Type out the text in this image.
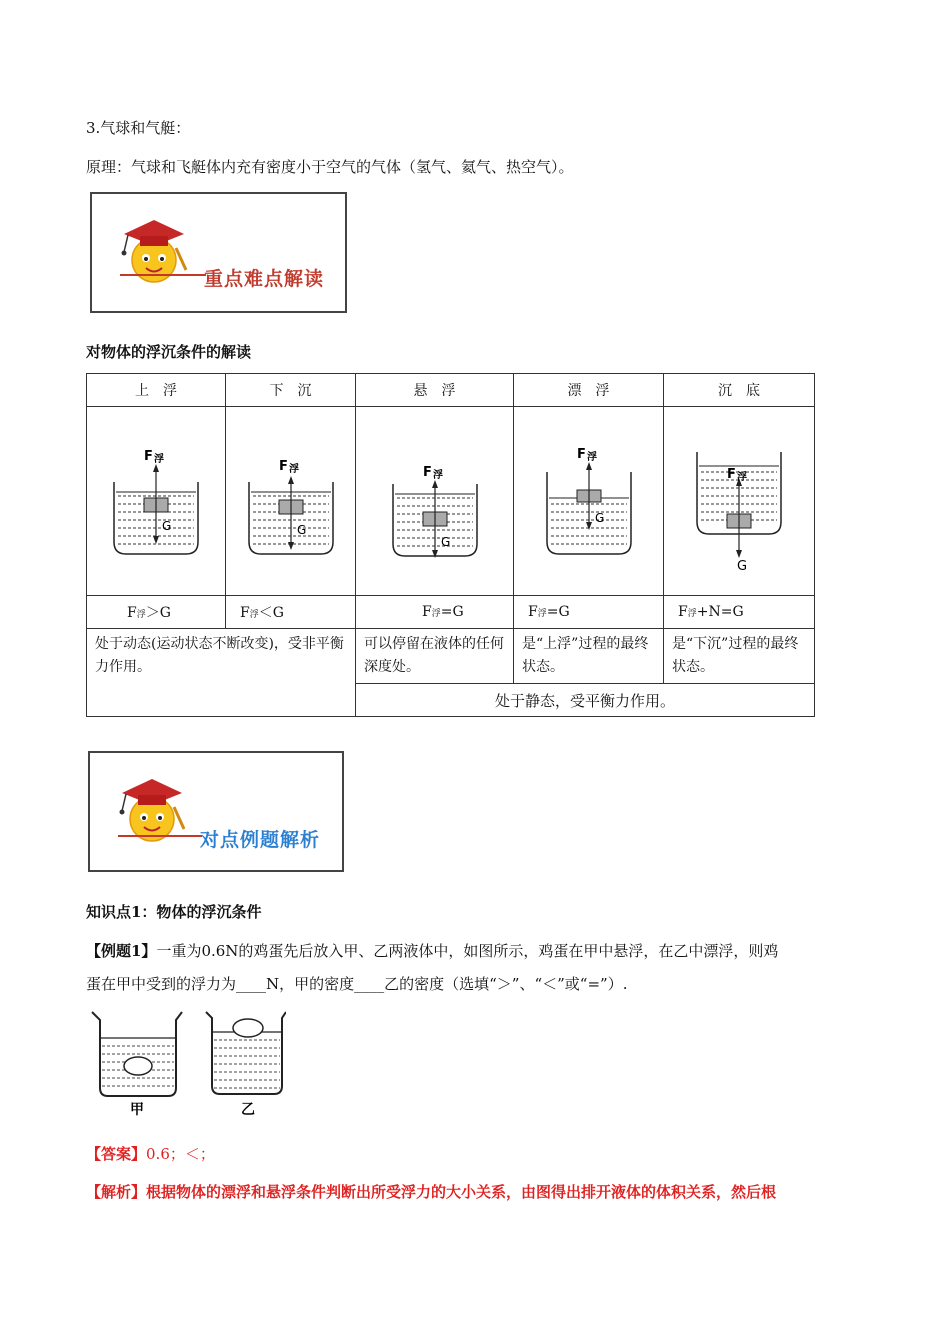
3.气球和气艇：
原理：气球和飞艇体内充有密度小于空气的气体（氢气、氦气、热空气）。
重点难点解读
对物体的浮沉条件的解读
上　浮	下　沉	悬　浮	漂　浮	沉　底

F 浮
G	F 浮
G	F 浮
G	F 浮
G	F 浮
G

F浮＞G	F浮＜G	F浮=G	F浮=G	F浮+N=G
处于动态(运动状态不断改变)，受非平衡力作用。		可以停留在液体的任何深度处。	是“上浮”过程的最终状态。	是“下沉”过程的最终状态。
		处于静态，受平衡力作用。		
对点例题解析
知识点1：物体的浮沉条件
【例题1】一重为0.6N的鸡蛋先后放入甲、乙两液体中，如图所示，鸡蛋在甲中悬浮，在乙中漂浮，则鸡
蛋在甲中受到的浮力为____N，甲的密度____乙的密度（选填“＞”、“＜”或“=”）.
甲	乙
【答案】0.6；＜；
【解析】根据物体的漂浮和悬浮条件判断出所受浮力的大小关系，由图得出排开液体的体积关系，然后根
